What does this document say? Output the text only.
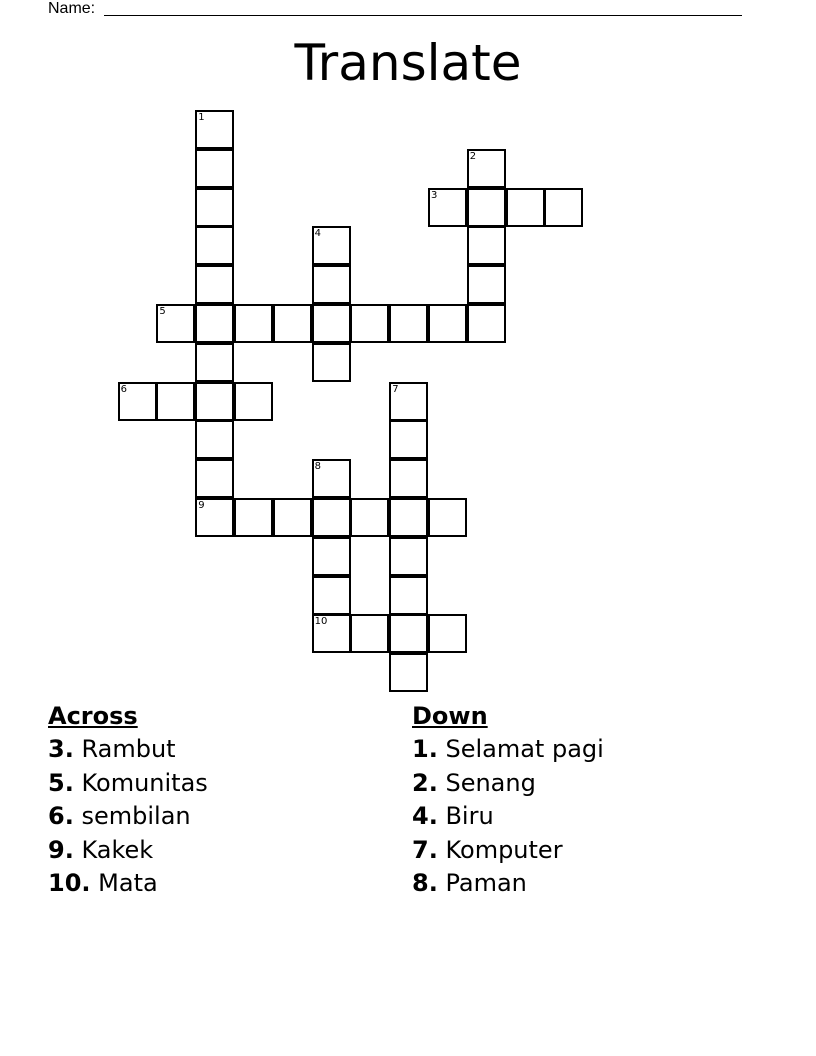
Name:
Translate
1
2
3
4
5
6	7
8
9
10
Across
3. Rambut
5. Komunitas
6. sembilan
9. Kakek
10. Mata
Down
1. Selamat pagi
2. Senang
4. Biru
7. Komputer
8. Paman
